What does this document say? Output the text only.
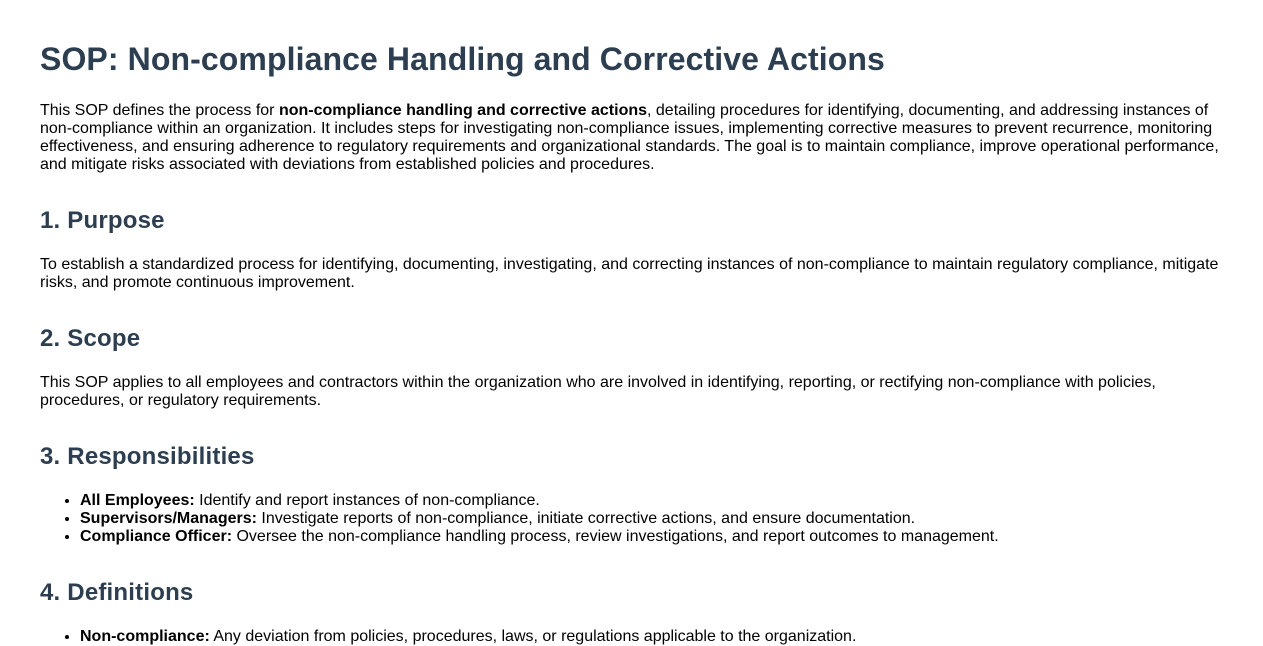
SOP: Non-compliance Handling and Corrective Actions

This SOP defines the process for non-compliance handling and corrective actions, detailing procedures for identifying, documenting, and addressing instances of non-compliance within an organization. It includes steps for investigating non-compliance issues, implementing corrective measures to prevent recurrence, monitoring effectiveness, and ensuring adherence to regulatory requirements and organizational standards. The goal is to maintain compliance, improve operational performance, and mitigate risks associated with deviations from established policies and procedures.

1. Purpose

To establish a standardized process for identifying, documenting, investigating, and correcting instances of non-compliance to maintain regulatory compliance, mitigate risks, and promote continuous improvement.

2. Scope

This SOP applies to all employees and contractors within the organization who are involved in identifying, reporting, or rectifying non-compliance with policies, procedures, or regulatory requirements.

3. Responsibilities
• All Employees: Identify and report instances of non-compliance.
• Supervisors/Managers: Investigate reports of non-compliance, initiate corrective actions, and ensure documentation.
• Compliance Officer: Oversee the non-compliance handling process, review investigations, and report outcomes to management.
4. Definitions
• Non-compliance: Any deviation from policies, procedures, laws, or regulations applicable to the organization.
